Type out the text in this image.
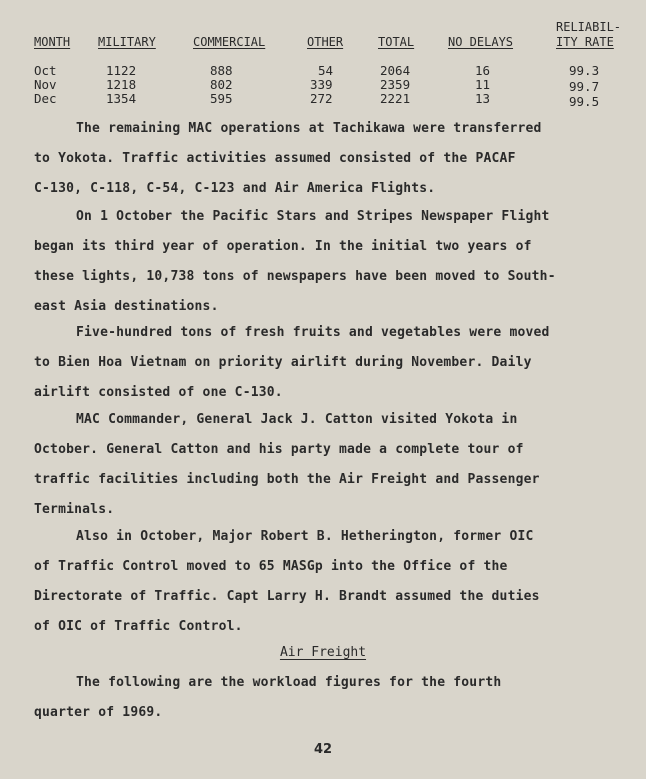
MONTH MILITARY	COMMERCIAL	OTHER	TOTAL	NO DELAYS
RELIABIL-
ITY RATE
Oct	1122	888	54	2064	16	99.3
Nov	1218	802	339	2359	11	99.7
Dec	1354	595	272	2221	13	99.5
The remaining MAC operations at Tachikawa were transferred
to Yokota. Traffic activities assumed consisted of the PACAF
C-130, C-118, C-54, C-123 and Air America Flights.
On 1 October the Pacific Stars and Stripes Newspaper Flight
began its third year of operation. In the initial two years of
these lights, 10,738 tons of newspapers have been moved to South-
east Asia destinations.
Five-hundred tons of fresh fruits and vegetables were moved
to Bien Hoa Vietnam on priority airlift during November. Daily
airlift consisted of one C-130.
MAC Commander, General Jack J. Catton visited Yokota in
October. General Catton and his party made a complete tour of
traffic facilities including both the Air Freight and Passenger
Terminals.
Also in October, Major Robert B. Hetherington, former OIC
of Traffic Control moved to 65 MASGp into the Office of the
Directorate of Traffic. Capt Larry H. Brandt assumed the duties
of OIC of Traffic Control.
Air Freight
The following are the workload figures for the fourth
quarter of 1969.
42
